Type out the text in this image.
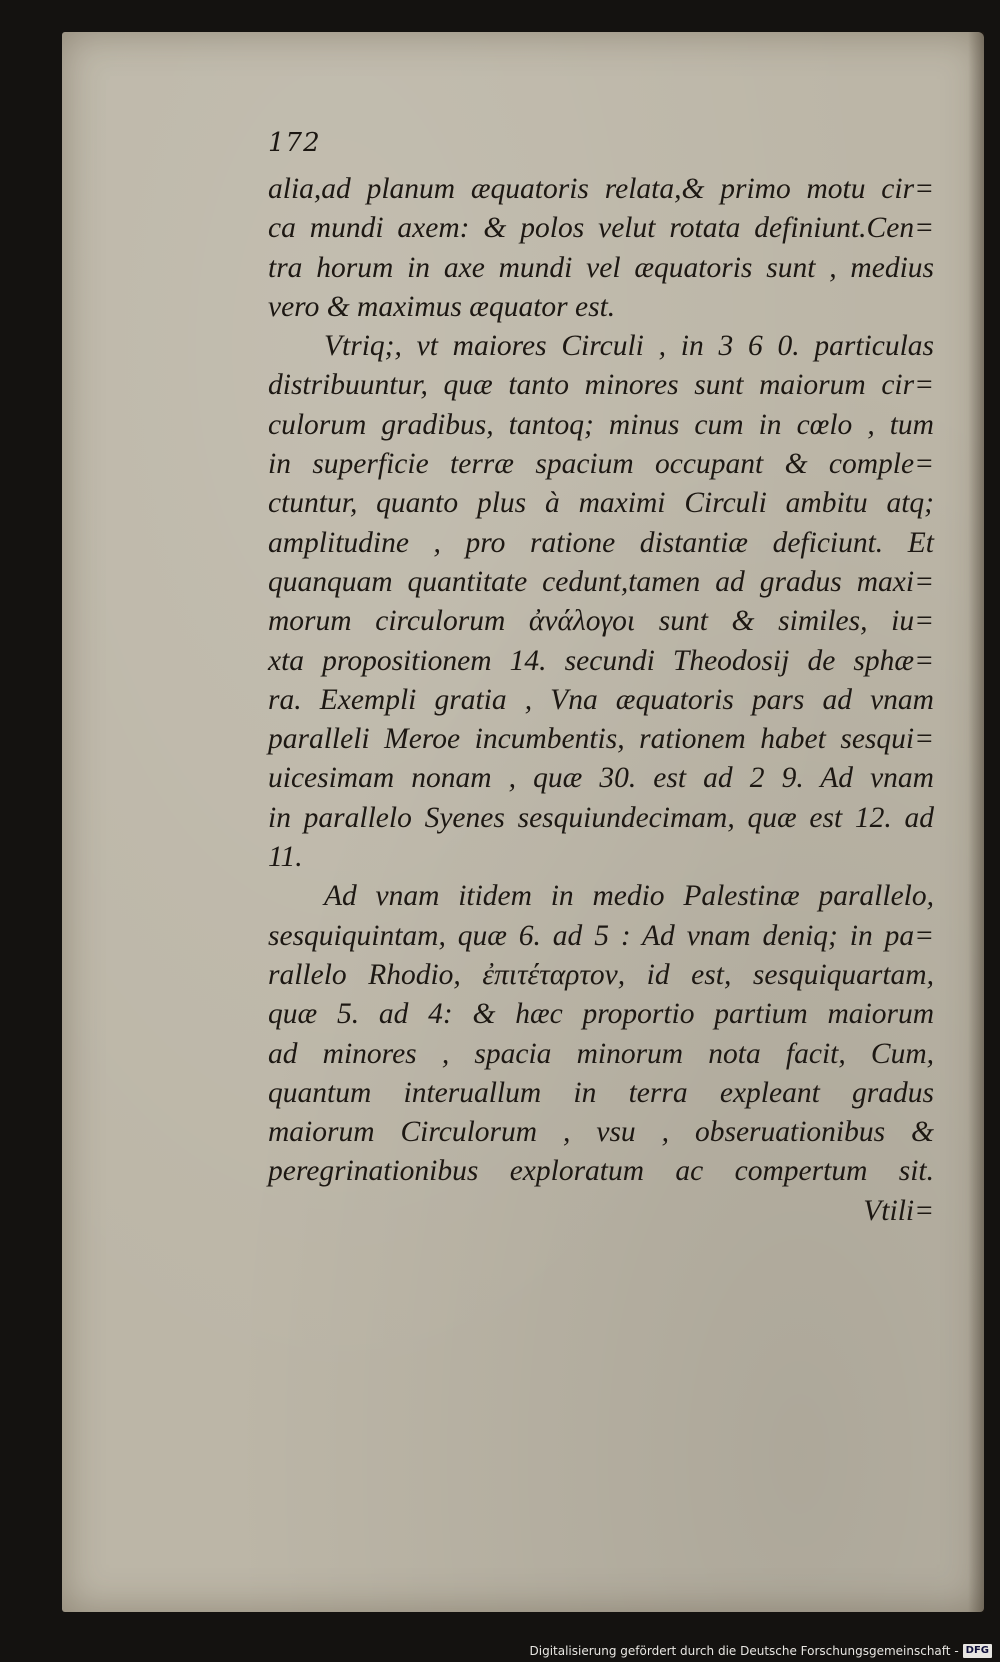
172
alia,ad planum æquatoris relata,& primo motu cir=
ca mundi axem: & polos velut rotata definiunt.Cen=
tra horum in axe mundi vel æquatoris sunt , medius
vero & maximus æquator est.
Vtriq;, vt maiores Circuli , in 3 6 0. particulas
distribuuntur, quæ tanto minores sunt maiorum cir=
culorum gradibus, tantoq; minus cum in cœlo , tum
in superficie terræ spacium occupant & comple=
ctuntur, quanto plus à maximi Circuli ambitu atq;
amplitudine , pro ratione distantiæ deficiunt. Et
quanquam quantitate cedunt,tamen ad gradus maxi=
morum circulorum ἀνάλογοι sunt & similes, iu=
xta propositionem 14. secundi Theodosij de sphæ=
ra. Exempli gratia , Vna æquatoris pars ad vnam
paralleli Meroe incumbentis, rationem habet sesqui=
uicesimam nonam , quæ 30. est ad 2 9. Ad vnam
in parallelo Syenes sesquiundecimam, quæ est 12. ad
11.
Ad vnam itidem in medio Palestinæ parallelo,
sesquiquintam, quæ 6. ad 5 : Ad vnam deniq; in pa=
rallelo Rhodio, ἐπιτέταρτον, id est, sesquiquartam,
quæ 5. ad 4: & hæc proportio partium maiorum
ad minores , spacia minorum nota facit, Cum,
quantum interuallum in terra expleant gradus
maiorum Circulorum , vsu , obseruationibus &
peregrinationibus exploratum ac compertum sit.
Vtili=
Digitalisierung gefördert durch die Deutsche Forschungsgemeinschaft - DFG
